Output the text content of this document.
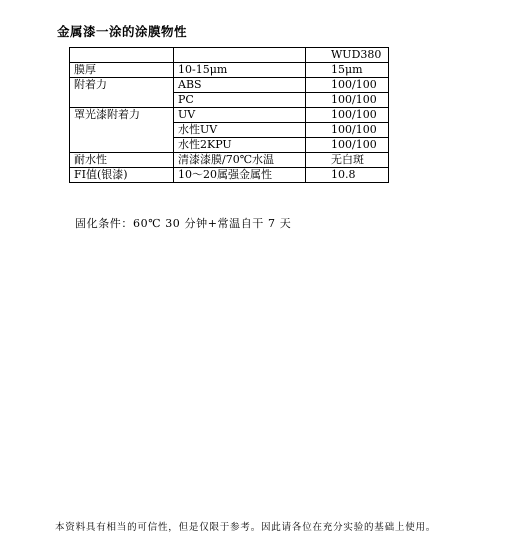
金属漆一涂的涂膜物性
		WUD380
膜厚	10-15μm	15μm
附着力	ABS	100/100
	PC	100/100
罩光漆附着力	UV	100/100
	水性UV	100/100
	水性2KPU	100/100
耐水性	清漆漆膜/70℃水温	无白斑
FI值(银漆)	10～20属强金属性	10.8
固化条件：60℃ 30 分钟+常温自干 7 天
本资料具有相当的可信性，但是仅限于参考。因此请各位在充分实验的基础上使用。
